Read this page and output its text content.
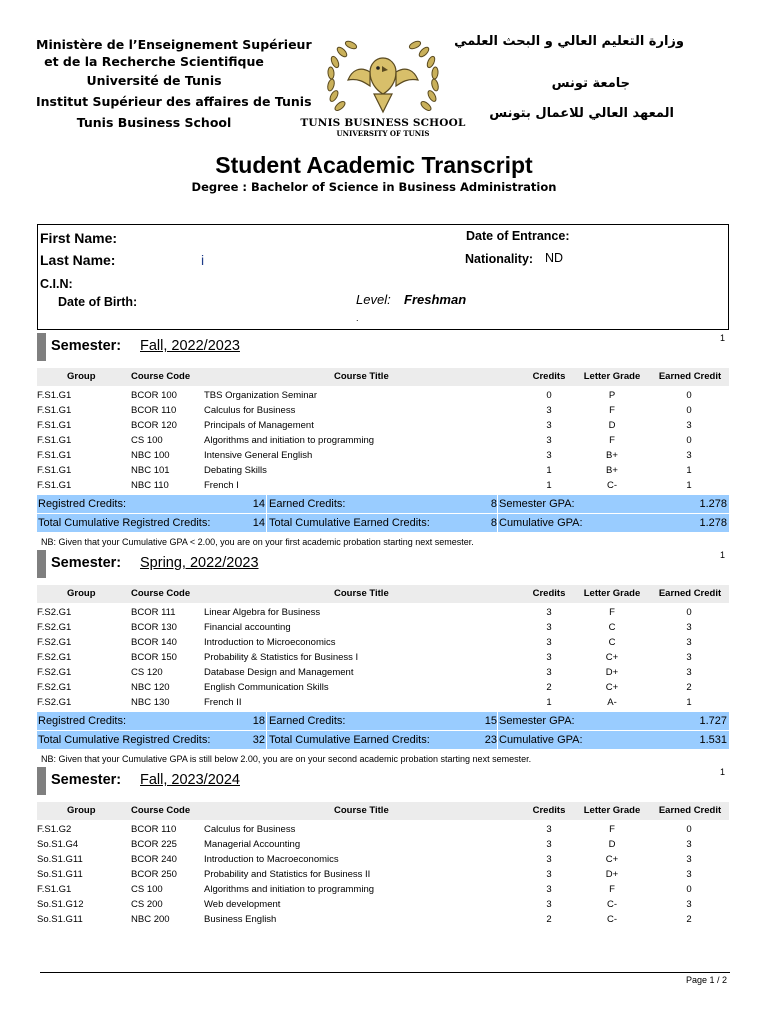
Ministère de l’Enseignement Supérieur
et de la Recherche Scientifique
Université de Tunis
Institut Supérieur des affaires de Tunis
Tunis Business School	TUNIS BUSINESS SCHOOL
UNIVERSITY OF TUNIS
وزارة التعليم العالي و البحث العلمي
جامعة تونس
المعهد العالي للاعمال بتونس
Student Academic Transcript
Degree : Bachelor of Science in Business Administration
First Name:
Last Name:	i
C.I.N:
Date of Birth:
Date of Entrance:
Nationality: ND
Level: Freshman
.
Semester: Fall, 2022/2023	1
Group	Course Code	Course Title	Credits	Letter Grade	Earned Credit
F.S1.G1	BCOR 100	TBS Organization Seminar	0	P	0
F.S1.G1	BCOR 110	Calculus for Business	3	F	0
F.S1.G1	BCOR 120	Principals of Management	3	D	3
F.S1.G1	CS 100	Algorithms and initiation to programming	3	F	0
F.S1.G1	NBC 100	Intensive General English	3	B+	3
F.S1.G1	NBC 101	Debating Skills	1	B+	1
F.S1.G1	NBC 110	French I	1	C-	1
Registred Credits:	14 Earned Credits:	8 Semester GPA:	1.278
Total Cumulative Registred Credits:	14 Total Cumulative Earned Credits:	8 Cumulative GPA:	1.278
NB: Given that your Cumulative GPA < 2.00, you are on your first academic probation starting next semester.
Semester: Spring, 2022/2023	1
Group	Course Code	Course Title	Credits	Letter Grade	Earned Credit
F.S2.G1	BCOR 111	Linear Algebra for Business	3	F	0
F.S2.G1	BCOR 130	Financial accounting	3	C	3
F.S2.G1	BCOR 140	Introduction to Microeconomics	3	C	3
F.S2.G1	BCOR 150	Probability & Statistics for Business I	3	C+	3
F.S2.G1	CS 120	Database Design and Management	3	D+	3
F.S2.G1	NBC 120	English Communication Skills	2	C+	2
F.S2.G1	NBC 130	French II	1	A-	1
Registred Credits:	18 Earned Credits:	15 Semester GPA:	1.727
Total Cumulative Registred Credits:	32 Total Cumulative Earned Credits:	23 Cumulative GPA:	1.531
NB: Given that your Cumulative GPA is still below 2.00, you are on your second academic probation starting next semester.
Semester: Fall, 2023/2024	1
Group	Course Code	Course Title	Credits	Letter Grade	Earned Credit
F.S1.G2	BCOR 110	Calculus for Business	3	F	0
So.S1.G4	BCOR 225	Managerial Accounting	3	D	3
So.S1.G11	BCOR 240	Introduction to Macroeconomics	3	C+	3
So.S1.G11	BCOR 250	Probability and Statistics for Business II	3	D+	3
F.S1.G1	CS 100	Algorithms and initiation to programming	3	F	0
So.S1.G12	CS 200	Web development	3	C-	3
So.S1.G11	NBC 200	Business English	2	C-	2
Page 1 / 2
